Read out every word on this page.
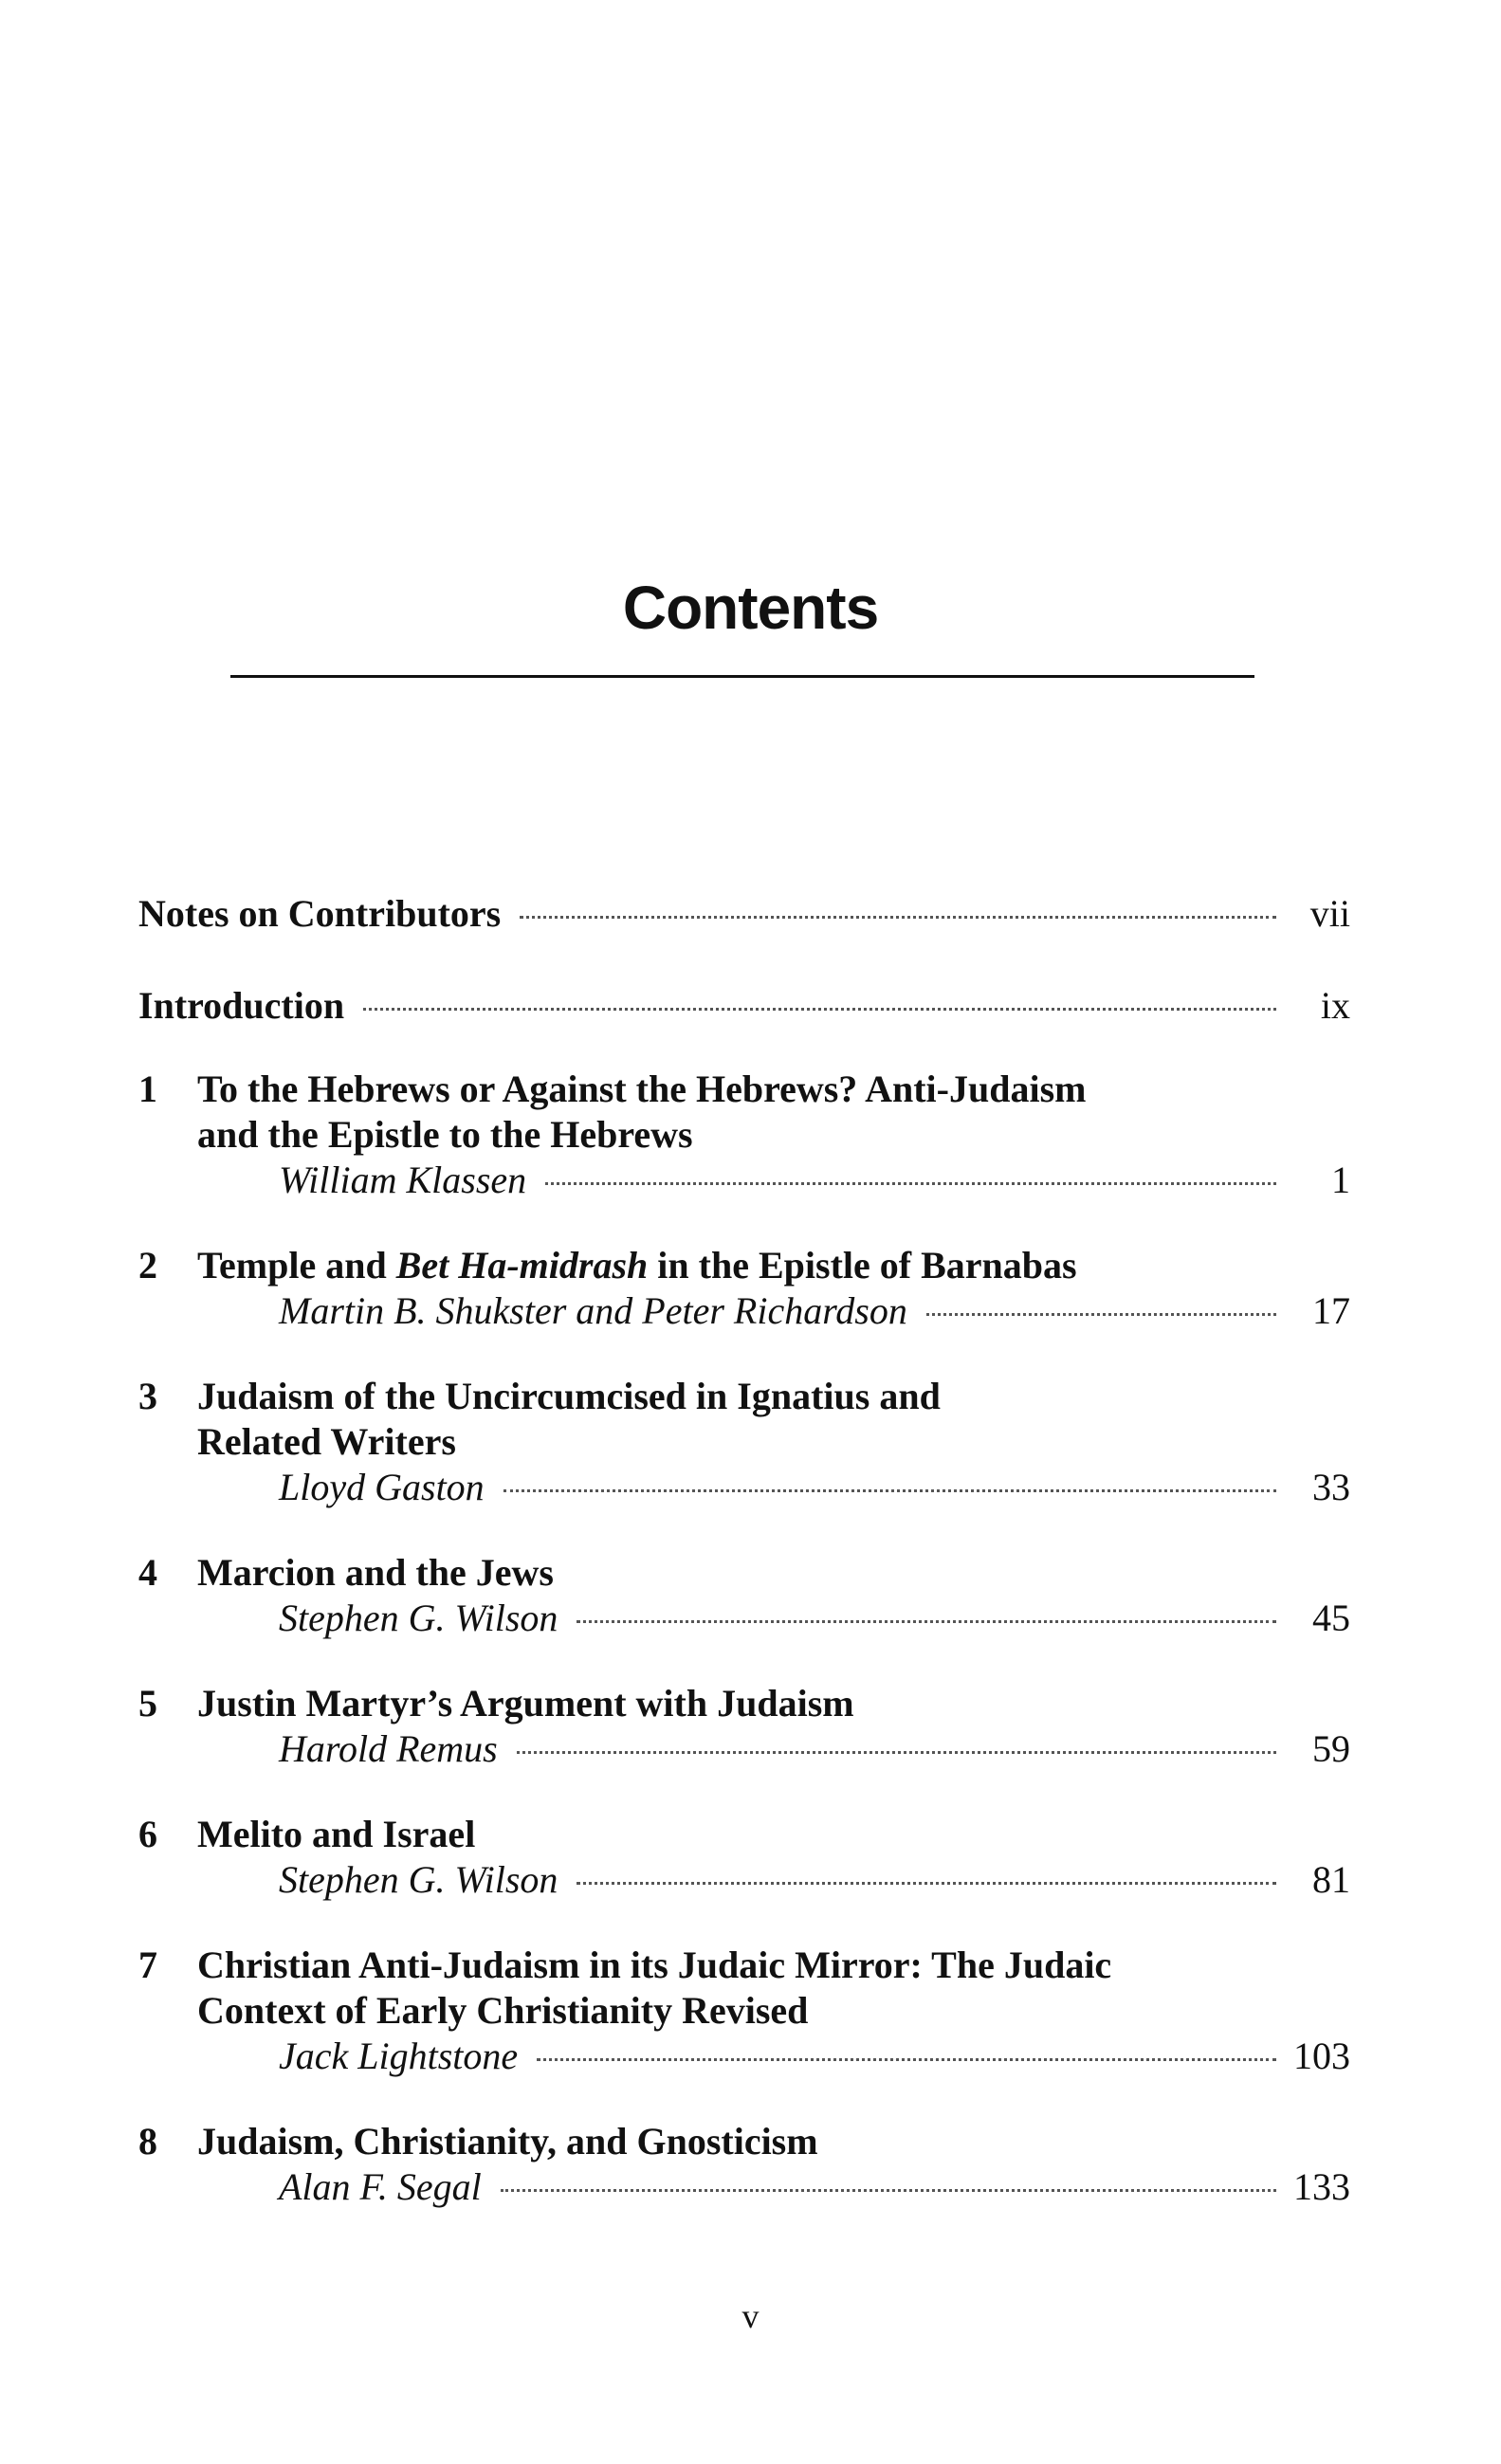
Contents
Notes on Contributors	vii
Introduction	ix
1	To the Hebrews or Against the Hebrews? Anti-Judaism
and the Epistle to the Hebrews
William Klassen	1
2	Temple and Bet Ha-midrash in the Epistle of Barnabas
Martin B. Shukster and Peter Richardson	17
3	Judaism of the Uncircumcised in Ignatius and
Related Writers
Lloyd Gaston	33
4	Marcion and the Jews
Stephen G. Wilson	45
5	Justin Martyr’s Argument with Judaism
Harold Remus	59
6	Melito and Israel
Stephen G. Wilson	81
7	Christian Anti-Judaism in its Judaic Mirror: The Judaic
Context of Early Christianity Revised
Jack Lightstone	103
8	Judaism, Christianity, and Gnosticism
Alan F. Segal	133
v
